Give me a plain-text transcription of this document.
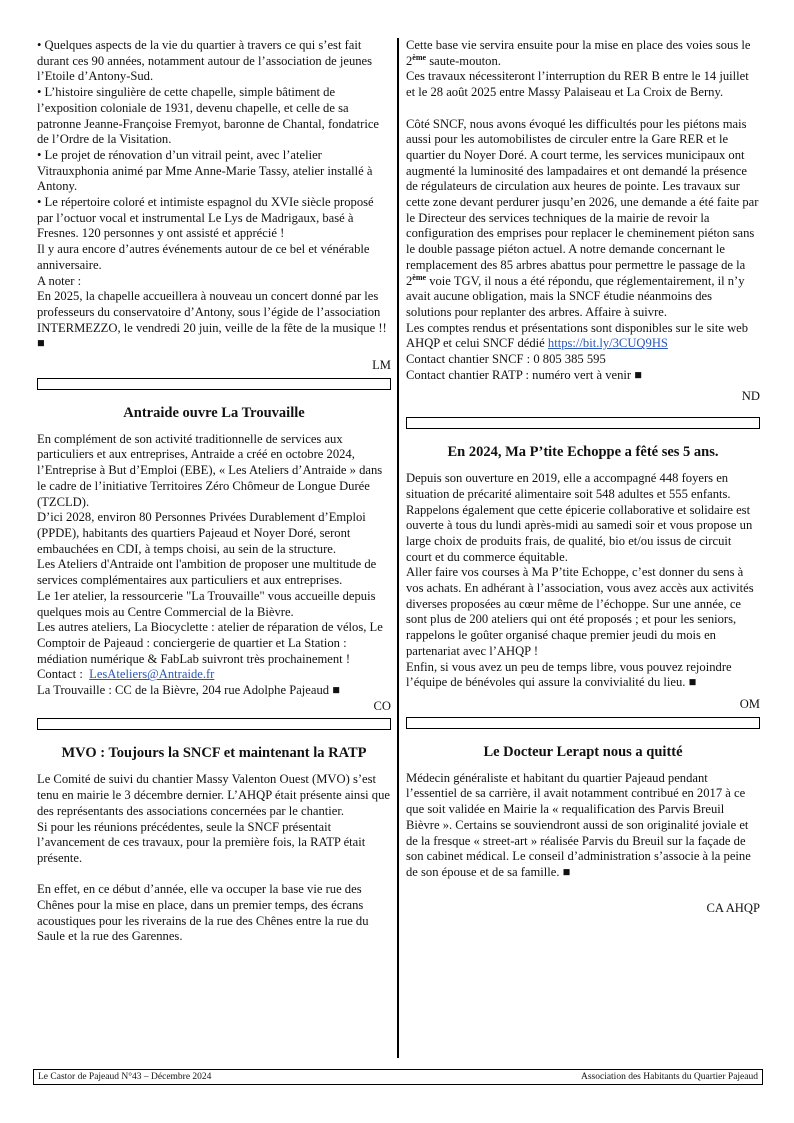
• Quelques aspects de la vie du quartier à travers ce qui s’est fait durant ces 90 années, notamment autour de l’association de jeunes l’Etoile d’Antony-Sud.

• L’histoire singulière de cette chapelle, simple bâtiment de l’exposition coloniale de 1931, devenu chapelle, et celle de sa patronne Jeanne-Françoise Fremyot, baronne de Chantal, fondatrice de l’Ordre de la Visitation.

• Le projet de rénovation d’un vitrail peint, avec l’atelier Vitrauxphonia animé par Mme Anne-Marie Tassy, atelier installé à Antony.

• Le répertoire coloré et intimiste espagnol du XVIe siècle proposé par l’octuor vocal et instrumental Le Lys de Madrigaux, basé à Fresnes. 120 personnes y ont assisté et apprécié !

Il y aura encore d’autres événements autour de ce bel et vénérable anniversaire.

A noter :

En 2025, la chapelle accueillera à nouveau un concert donné par les professeurs du conservatoire d’Antony, sous l’égide de l’association INTERMEZZO, le vendredi 20 juin, veille de la fête de la musique !! ■

LM

Antraide ouvre La Trouvaille

En complément de son activité traditionnelle de services aux particuliers et aux entreprises, Antraide a créé en octobre 2024, l’Entreprise à But d’Emploi (EBE), « Les Ateliers d’Antraide » dans le cadre de l’initiative Territoires Zéro Chômeur de Longue Durée (TZCLD).

D’ici 2028, environ 80 Personnes Privées Durablement d’Emploi (PPDE), habitants des quartiers Pajeaud et Noyer Doré, seront embauchées en CDI, à temps choisi, au sein de la structure.

Les Ateliers d'Antraide ont l'ambition de proposer une multitude de services complémentaires aux particuliers et aux entreprises.

Le 1er atelier, la ressourcerie "La Trouvaille" vous accueille depuis quelques mois au Centre Commercial de la Bièvre.

Les autres ateliers, La Biocyclette : atelier de réparation de vélos, Le Comptoir de Pajeaud : conciergerie de quartier et La Station : médiation numérique & FabLab suivront très prochainement !

Contact : LesAteliers@Antraide.fr

La Trouvaille : CC de la Bièvre, 204 rue Adolphe Pajeaud ■

CO

MVO : Toujours la SNCF et maintenant la RATP

Le Comité de suivi du chantier Massy Valenton Ouest (MVO) s’est tenu en mairie le 3 décembre dernier. L’AHQP était présente ainsi que des représentants des associations concernées par le chantier.

Si pour les réunions précédentes, seule la SNCF présentait l’avancement de ces travaux, pour la première fois, la RATP était présente.

En effet, en ce début d’année, elle va occuper la base vie rue des Chênes pour la mise en place, dans un premier temps, des écrans acoustiques pour les riverains de la rue des Chênes entre la rue du Saule et la rue des Garennes.

Cette base vie servira ensuite pour la mise en place des voies sous le 2ème saute-mouton.

Ces travaux nécessiteront l’interruption du RER B entre le 14 juillet et le 28 août 2025 entre Massy Palaiseau et La Croix de Berny.

Côté SNCF, nous avons évoqué les difficultés pour les piétons mais aussi pour les automobilistes de circuler entre la Gare RER et le quartier du Noyer Doré. A court terme, les services municipaux ont augmenté la luminosité des lampadaires et ont demandé la présence de régulateurs de circulation aux heures de pointe. Les travaux sur cette zone devant perdurer jusqu’en 2026, une demande a été faite par le Directeur des services techniques de la mairie de revoir la configuration des emprises pour replacer le cheminement piéton sans le double passage piéton actuel. A notre demande concernant le remplacement des 85 arbres abattus pour permettre le passage de la 2ème voie TGV, il nous a été répondu, que réglementairement, il n’y avait aucune obligation, mais la SNCF étudie néanmoins des solutions pour replanter des arbres. Affaire à suivre.

Les comptes rendus et présentations sont disponibles sur le site web AHQP et celui SNCF dédié https://bit.ly/3CUQ9HS

Contact chantier SNCF : 0 805 385 595

Contact chantier RATP : numéro vert à venir ■

ND

En 2024, Ma P’tite Echoppe a fêté ses 5 ans.

Depuis son ouverture en 2019, elle a accompagné 448 foyers en situation de précarité alimentaire soit 548 adultes et 555 enfants.

Rappelons également que cette épicerie collaborative et solidaire est ouverte à tous du lundi après-midi au samedi soir et vous propose un large choix de produits frais, de qualité, bio et/ou issus de circuit court et du commerce équitable.

Aller faire vos courses à Ma P’tite Echoppe, c’est donner du sens à vos achats. En adhérant à l’association, vous avez accès aux activités diverses proposées au cœur même de l’échoppe. Sur une année, ce sont plus de 200 ateliers qui ont été proposés ; et pour les seniors, rappelons le goûter organisé chaque premier jeudi du mois en partenariat avec l’AHQP !

Enfin, si vous avez un peu de temps libre, vous pouvez rejoindre l’équipe de bénévoles qui assure la convivialité du lieu. ■

OM

Le Docteur Lerapt nous a quitté

Médecin généraliste et habitant du quartier Pajeaud pendant l’essentiel de sa carrière, il avait notamment contribué en 2017 à ce que soit validée en Mairie la « requalification des Parvis Breuil Bièvre ». Certains se souviendront aussi de son originalité joviale et de la fresque « street-art » réalisée Parvis du Breuil sur la façade de son cabinet médical. Le conseil d’administration s’associe à la peine de son épouse et de sa famille. ■

CA AHQP

Le Castor de Pajeaud N°43 – Décembre 2024	Association des Habitants du Quartier Pajeaud
